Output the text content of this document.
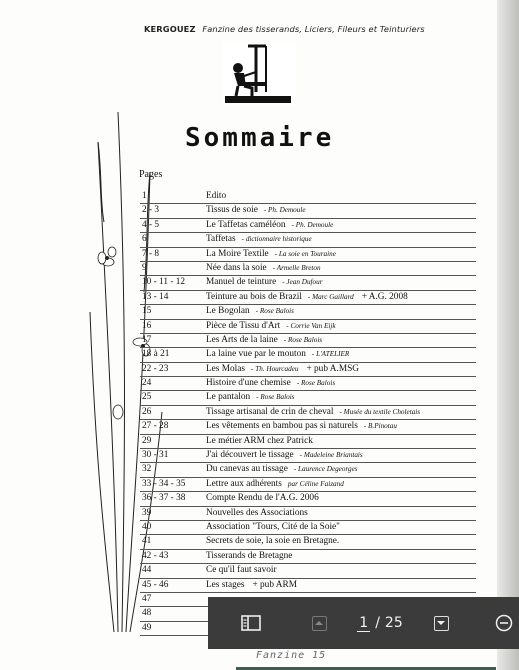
KERGOUEZ Fanzine des tisserands, Liciers, Fileurs et Teinturiers
Sommaire
Pages
1	Edito
2 - 3	Tissus de soie - Ph. Demoule
4 - 5	Le Taffetas caméléon - Ph. Demoule
6	Taffetas - dictionnaire historique
7 - 8	La Moire Textile - La soie en Touraine
9	Née dans la soie - Armelle Breton
10 - 11 - 12 Manuel de teinture - Jean Dufour
13 - 14	Teinture au bois de Brazil - Marc Gaillard + A.G. 2008
15	Le Bogolan - Rose Balois
16	Pièce de Tissu d'Art - Corrie Van Eijk
17	Les Arts de la laine - Rose Balois
18 à 21	La laine vue par le mouton - L'ATELIER
22 - 23	Les Molas - Th. Hourcadeu + pub A.MSG
24	Histoire d'une chemise - Rose Balois
25	Le pantalon - Rose Balois
26	Tissage artisanal de crin de cheval - Musée du textile Choletais
27 - 28	Les vêtements en bambou pas si naturels - B.Pinotau
29	Le métier ARM chez Patrick
30 - 31	J'ai découvert le tissage - Madeleine Briantais
32	Du canevas au tissage - Laurence Degeorges
33 - 34 - 35 Lettre aux adhérents par Céline Faizand
36 - 37 - 38 Compte Rendu de l'A.G. 2006
39	Nouvelles des Associations
40	Association "Tours, Cité de la Soie"
41	Secrets de soie, la soie en Bretagne.
42 - 43	Tisserands de Bretagne
44	Ce qu'il faut savoir
45 - 46	Les stages + pub ARM
47
48
49
Fanzine 15
1 / 25
